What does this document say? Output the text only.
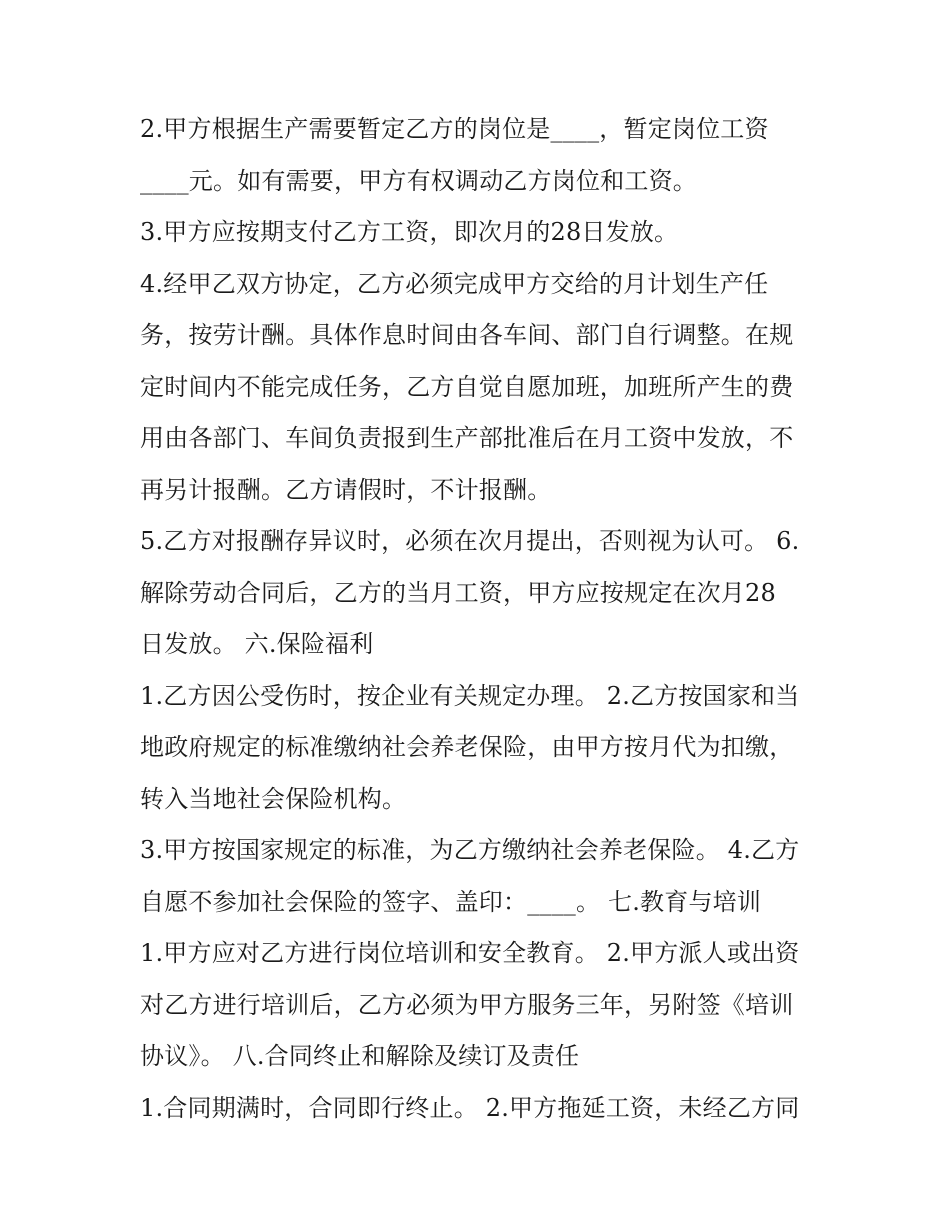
2.甲方根据生产需要暂定乙方的岗位是____，暂定岗位工资
____元。如有需要，甲方有权调动乙方岗位和工资。
3.甲方应按期支付乙方工资，即次月的28日发放。
4.经甲乙双方协定，乙方必须完成甲方交给的月计划生产任
务，按劳计酬。具体作息时间由各车间、部门自行调整。在规
定时间内不能完成任务，乙方自觉自愿加班，加班所产生的费
用由各部门、车间负责报到生产部批准后在月工资中发放，不
再另计报酬。乙方请假时，不计报酬。
5.乙方对报酬存异议时，必须在次月提出，否则视为认可。 6.
解除劳动合同后，乙方的当月工资，甲方应按规定在次月28
日发放。 六.保险福利
1.乙方因公受伤时，按企业有关规定办理。 2.乙方按国家和当
地政府规定的标准缴纳社会养老保险，由甲方按月代为扣缴，
转入当地社会保险机构。
3.甲方按国家规定的标准，为乙方缴纳社会养老保险。 4.乙方
自愿不参加社会保险的签字、盖印：____。 七.教育与培训
1.甲方应对乙方进行岗位培训和安全教育。 2.甲方派人或出资
对乙方进行培训后，乙方必须为甲方服务三年，另附签《培训
协议》。 八.合同终止和解除及续订及责任
1.合同期满时，合同即行终止。 2.甲方拖延工资，未经乙方同
